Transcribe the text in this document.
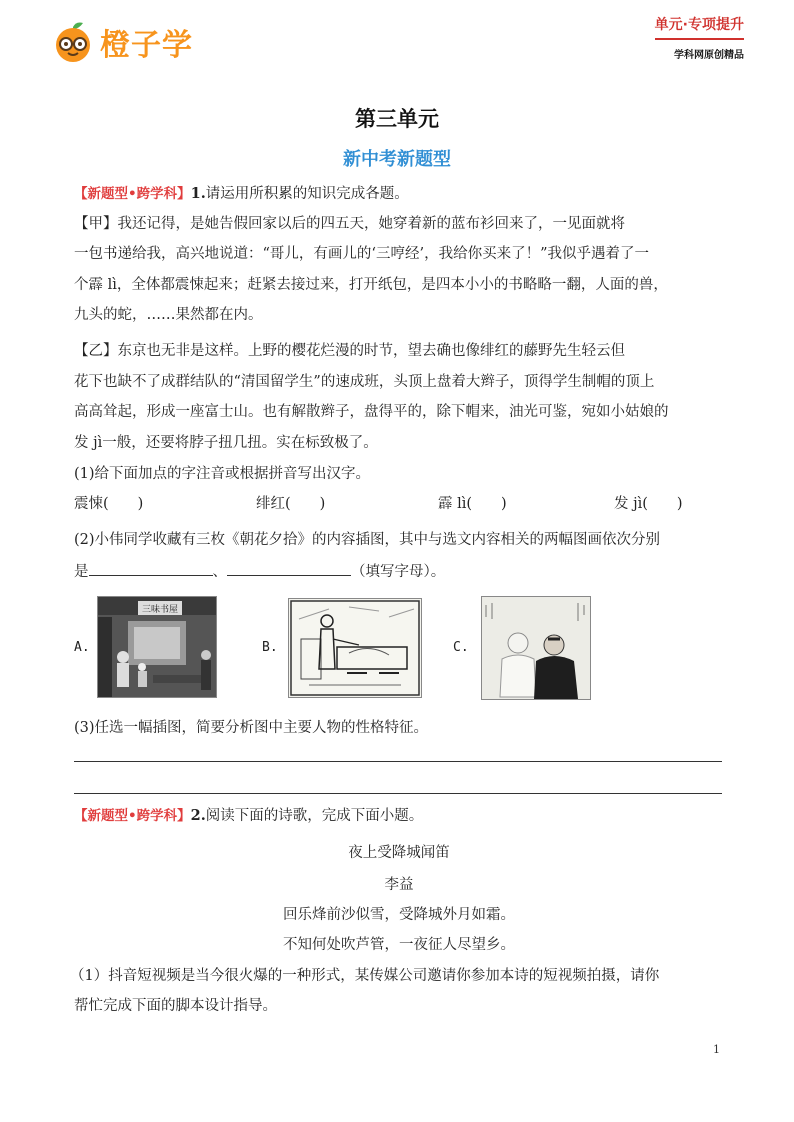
橙子学
单元·专项提升
学科网原创精品
第三单元
新中考新题型
【新题型•跨学科】1.请运用所积累的知识完成各题。
【甲】我还记得，是她告假回家以后的四五天，她穿着新的蓝布衫回来了，一见面就将
一包书递给我，高兴地说道：“哥儿，有画儿的‘三哼经’，我给你买来了！”我似乎遇着了一
个霹 lì，全体都震悚起来；赶紧去接过来，打开纸包，是四本小小的书略略一翻，人面的兽，
九头的蛇，……果然都在内。
【乙】东京也无非是这样。上野的樱花烂漫的时节，望去确也像绯红的藤野先生轻云但
花下也缺不了成群结队的“清国留学生”的速成班，头顶上盘着大辫子，顶得学生制帽的顶上
高高耸起，形成一座富士山。也有解散辫子，盘得平的，除下帽来，油光可鉴，宛如小姑娘的
发 jì一般，还要将脖子扭几扭。实在标致极了。
(1)给下面加点的字注音或根据拼音写出汉字。
震悚(　　)	绯红(　　)	霹 lì(　　)	发 jì(　　)
(2)小伟同学收藏有三枚《朝花夕拾》的内容插图，其中与选文内容相关的两幅图画依次分别
是	、	（填写字母）。
A.
三味书屋
B.	C.
(3)任选一幅插图，简要分析图中主要人物的性格特征。
【新题型•跨学科】2.阅读下面的诗歌，完成下面小题。
夜上受降城闻笛
李益
回乐烽前沙似雪，受降城外月如霜。
不知何处吹芦管，一夜征人尽望乡。
（1）抖音短视频是当今很火爆的一种形式，某传媒公司邀请你参加本诗的短视频拍摄，请你
帮忙完成下面的脚本设计指导。
1
